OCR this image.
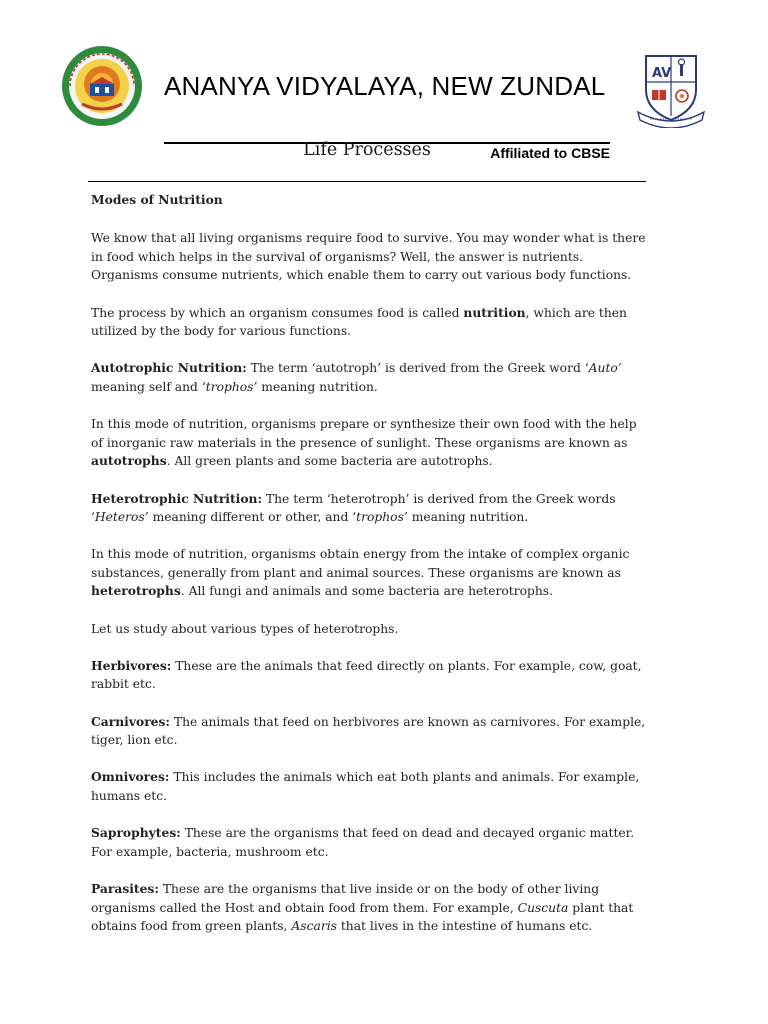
ANANYA VIDYALAYA, NEW ZUNDAL
Affiliated to CBSE
AV
Life Processes

Modes of Nutrition

We know that all living organisms require food to survive. You may wonder what is there in food which helps in the survival of organisms? Well, the answer is nutrients. Organisms consume nutrients, which enable them to carry out various body functions.

The process by which an organism consumes food is called nutrition, which are then utilized by the body for various functions.

Autotrophic Nutrition: The term ‘autotroph’ is derived from the Greek word ‘Auto’ meaning self and ‘trophos’ meaning nutrition.

In this mode of nutrition, organisms prepare or synthesize their own food with the help of inorganic raw materials in the presence of sunlight. These organisms are known as autotrophs. All green plants and some bacteria are autotrophs.

Heterotrophic Nutrition: The term ‘heterotroph’ is derived from the Greek words ‘Heteros’ meaning different or other, and ‘trophos’ meaning nutrition.

In this mode of nutrition, organisms obtain energy from the intake of complex organic substances, generally from plant and animal sources. These organisms are known as heterotrophs. All fungi and animals and some bacteria are heterotrophs.

Let us study about various types of heterotrophs.

Herbivores: These are the animals that feed directly on plants. For example, cow, goat, rabbit etc.

Carnivores: The animals that feed on herbivores are known as carnivores. For example, tiger, lion etc.

Omnivores: This includes the animals which eat both plants and animals. For example, humans etc.

Saprophytes: These are the organisms that feed on dead and decayed organic matter. For example, bacteria, mushroom etc.

Parasites: These are the organisms that live inside or on the body of other living organisms called the Host and obtain food from them. For example, Cuscuta plant that obtains food from green plants, Ascaris that lives in the intestine of humans etc.
